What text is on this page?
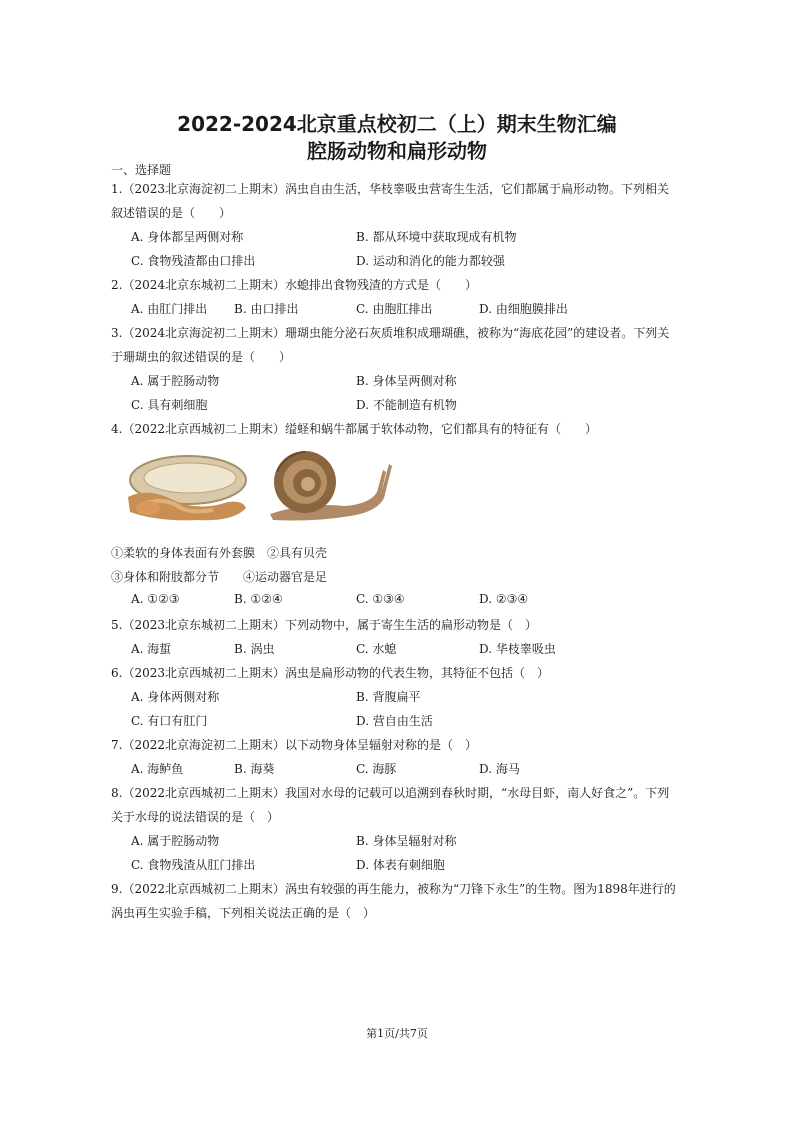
2022-2024北京重点校初二（上）期末生物汇编
腔肠动物和扁形动物
一、选择题
1.（2023北京海淀初二上期末）涡虫自由生活，华枝睾吸虫营寄生生活，它们都属于扁形动物。下列相关
叙述错误的是（　　）
A. 身体都呈两侧对称	B. 都从环境中获取现成有机物
C. 食物残渣都由口排出	D. 运动和消化的能力都较强
2.（2024北京东城初二上期末）水螅排出食物残渣的方式是（　　）
A. 由肛门排出 B. 由口排出	C. 由胞肛排出	D. 由细胞膜排出
3.（2024北京海淀初二上期末）珊瑚虫能分泌石灰质堆积成珊瑚礁，被称为“海底花园”的建设者。下列关
于珊瑚虫的叙述错误的是（　　）
A. 属于腔肠动物	B. 身体呈两侧对称
C. 具有刺细胞	D. 不能制造有机物
4.（2022北京西城初二上期末）缢蛏和蜗牛都属于软体动物，它们都具有的特征有（　　）
①柔软的身体表面有外套膜　②具有贝壳
③身体和附肢都分节　　④运动器官是足
A. ①②③	B. ①②④	C. ①③④	D. ②③④
5.（2023北京东城初二上期末）下列动物中，属于寄生生活的扁形动物是（　）
A. 海蜇	B. 涡虫	C. 水螅	D. 华枝睾吸虫
6.（2023北京西城初二上期末）涡虫是扁形动物的代表生物，其特征不包括（　）
A. 身体两侧对称	B. 背腹扁平
C. 有口有肛门	D. 营自由生活
7.（2022北京海淀初二上期末）以下动物身体呈辐射对称的是（　）
A. 海鲈鱼	B. 海葵	C. 海豚	D. 海马
8.（2022北京西城初二上期末）我国对水母的记载可以追溯到春秋时期，“水母目虾，南人好食之”。下列
关于水母的说法错误的是（　）
A. 属于腔肠动物	B. 身体呈辐射对称
C. 食物残渣从肛门排出	D. 体表有刺细胞
9.（2022北京西城初二上期末）涡虫有较强的再生能力，被称为“刀锋下永生”的生物。图为1898年进行的
涡虫再生实验手稿，下列相关说法正确的是（　）
第1页/共7页
